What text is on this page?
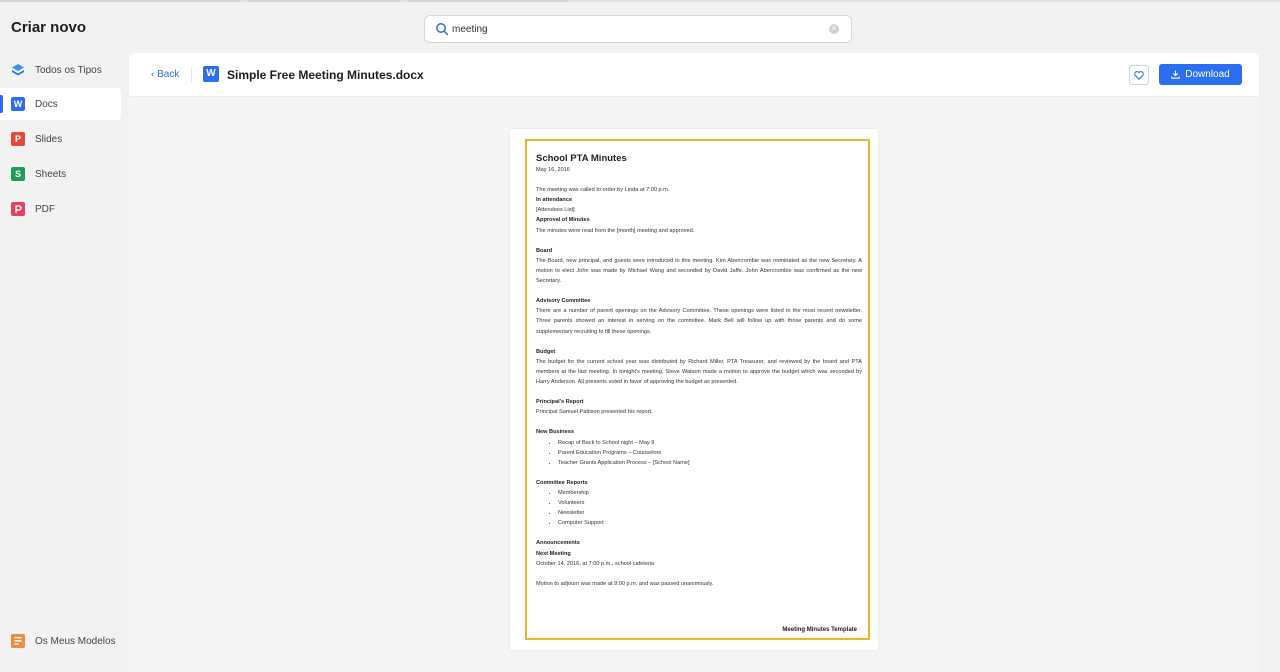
Criar novo
meeting	×
Todos os Tipos
W Docs
P	Slides
S	Sheets
PDF
Os Meus Modelos
‹ Back	W Simple Free Meeting Minutes.docx	Download
School PTA Minutes
May 16, 2016
The meeting was called to order by Linda at 7:00 p.m.
In attendance
[Attendees List]
Approval of Minutes
The minutes were read from the [month] meeting and approved.
Board
The Board, new principal, and guests were introduced in this meeting. Kim Abercrombie was nominated as the new Secretary. A motion to elect John was made by Michael Wang and seconded by David Jaffe. John Abercrombie was confirmed as the new Secretary.
Advisory Committee
There are a number of parent openings on the Advisory Committee. These openings were listed in the most recent newsletter. Three parents showed an interest in serving on the committee. Mark Bell will follow up with those parents and do some supplementary recruiting to fill these openings.
Budget
The budget for the current school year was distributed by Richard Miller, PTA Treasurer, and reviewed by the board and PTA members at the last meeting. In tonight's meeting, Steve Watson made a motion to approve the budget which was seconded by Harry Anderson. All presents voted in favor of approving the budget as presented.
Principal's Report
Principal Samuel Pattison presented his report.
New Business
• Recap of Back to School night – May 9
• Parent Education Programs – Counselors
• Teacher Grants Application Process – [School Name]
Committee Reports
• Membership
• Volunteers
• Newsletter
• Computer Support
Announcements
Next Meeting
October 14, 2016, at 7:00 p.m., school cafeteria
Motion to adjourn was made at 9:00 p.m. and was passed unanimously.
Meeting Minutes Template
